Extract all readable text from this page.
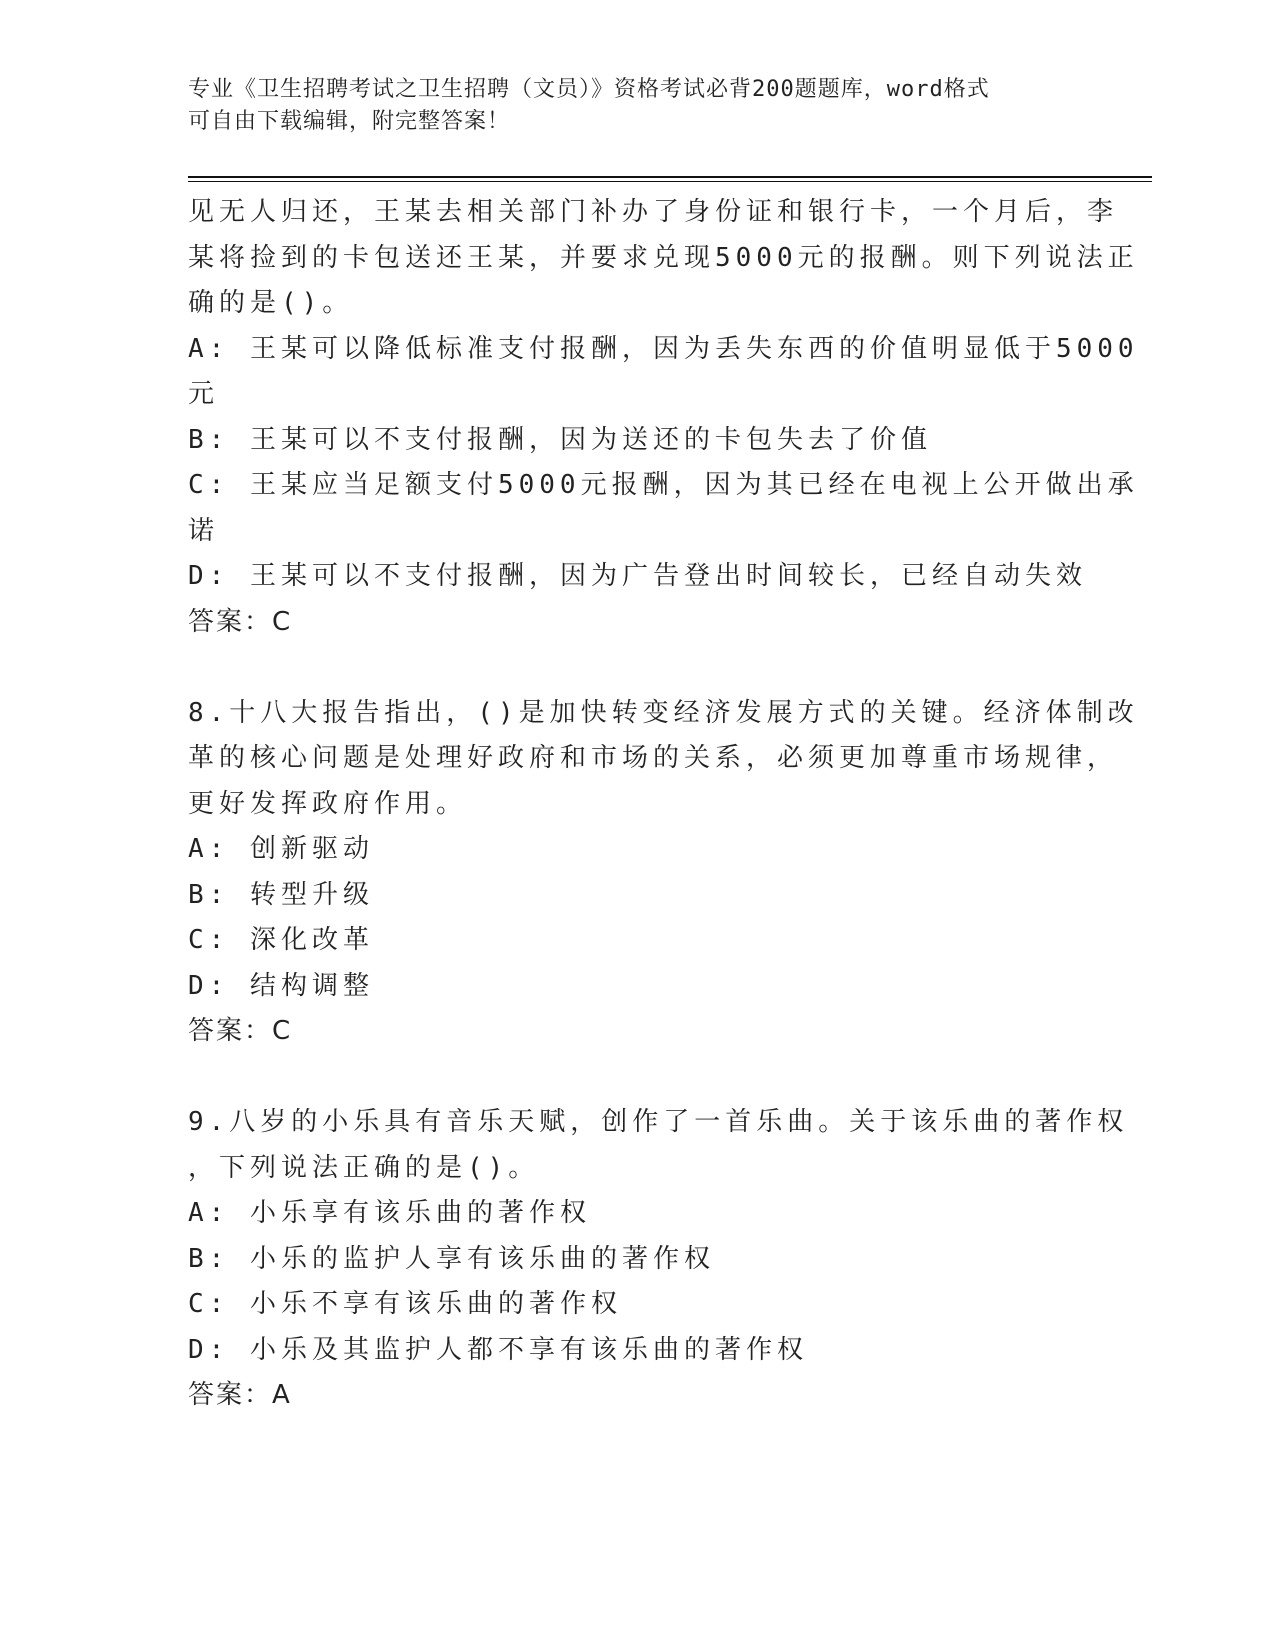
专业《卫生招聘考试之卫生招聘（文员）》资格考试必背200题题库，word格式
可自由下载编辑，附完整答案！
见无人归还，王某去相关部门补办了身份证和银行卡，一个月后，李
某将捡到的卡包送还王某，并要求兑现5000元的报酬。则下列说法正
确的是()。
A: 王某可以降低标准支付报酬，因为丢失东西的价值明显低于5000
元
B: 王某可以不支付报酬，因为送还的卡包失去了价值
C: 王某应当足额支付5000元报酬，因为其已经在电视上公开做出承
诺
D: 王某可以不支付报酬，因为广告登出时间较长，已经自动失效
答案：C
8.十八大报告指出，()是加快转变经济发展方式的关键。经济体制改
革的核心问题是处理好政府和市场的关系，必须更加尊重市场规律，
更好发挥政府作用。
A: 创新驱动
B: 转型升级
C: 深化改革
D: 结构调整
答案：C
9.八岁的小乐具有音乐天赋，创作了一首乐曲。关于该乐曲的著作权
，下列说法正确的是()。
A: 小乐享有该乐曲的著作权
B: 小乐的监护人享有该乐曲的著作权
C: 小乐不享有该乐曲的著作权
D: 小乐及其监护人都不享有该乐曲的著作权
答案：A
